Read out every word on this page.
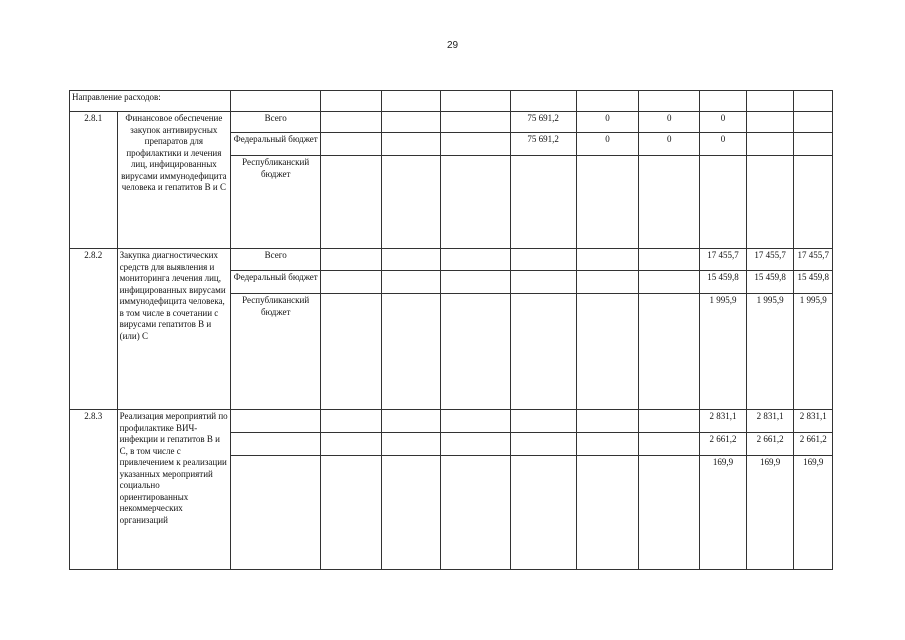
29
Направление расходов:											
2.8.1	Финансовое обеспечение закупок антивирусных препаратов для профилактики и лечения лиц, инфицированных вирусами иммунодефицита человека и гепатитов В и С	Всего				75 691,2	0	0	0		
		Федеральный бюджет				75 691,2	0	0	0		
		Республиканский бюджет									
2.8.2	Закупка диагностических средств для выявления и мониторинга лечения лиц, инфицированных вирусами иммунодефицита человека, в том числе в сочетании с вирусами гепатитов В и (или) С	Всего							17 455,7	17 455,7	17 455,7
		Федеральный бюджет							15 459,8	15 459,8	15 459,8
		Республиканский бюджет							1 995,9	1 995,9	1 995,9
2.8.3	Реализация мероприятий по профилактике ВИЧ-инфекции и гепатитов В и С, в том числе с привлечением к реализации указанных мероприятий социально ориентированных некоммерческих организаций								2 831,1	2 831,1	2 831,1
									2 661,2	2 661,2	2 661,2
									169,9	169,9	169,9
